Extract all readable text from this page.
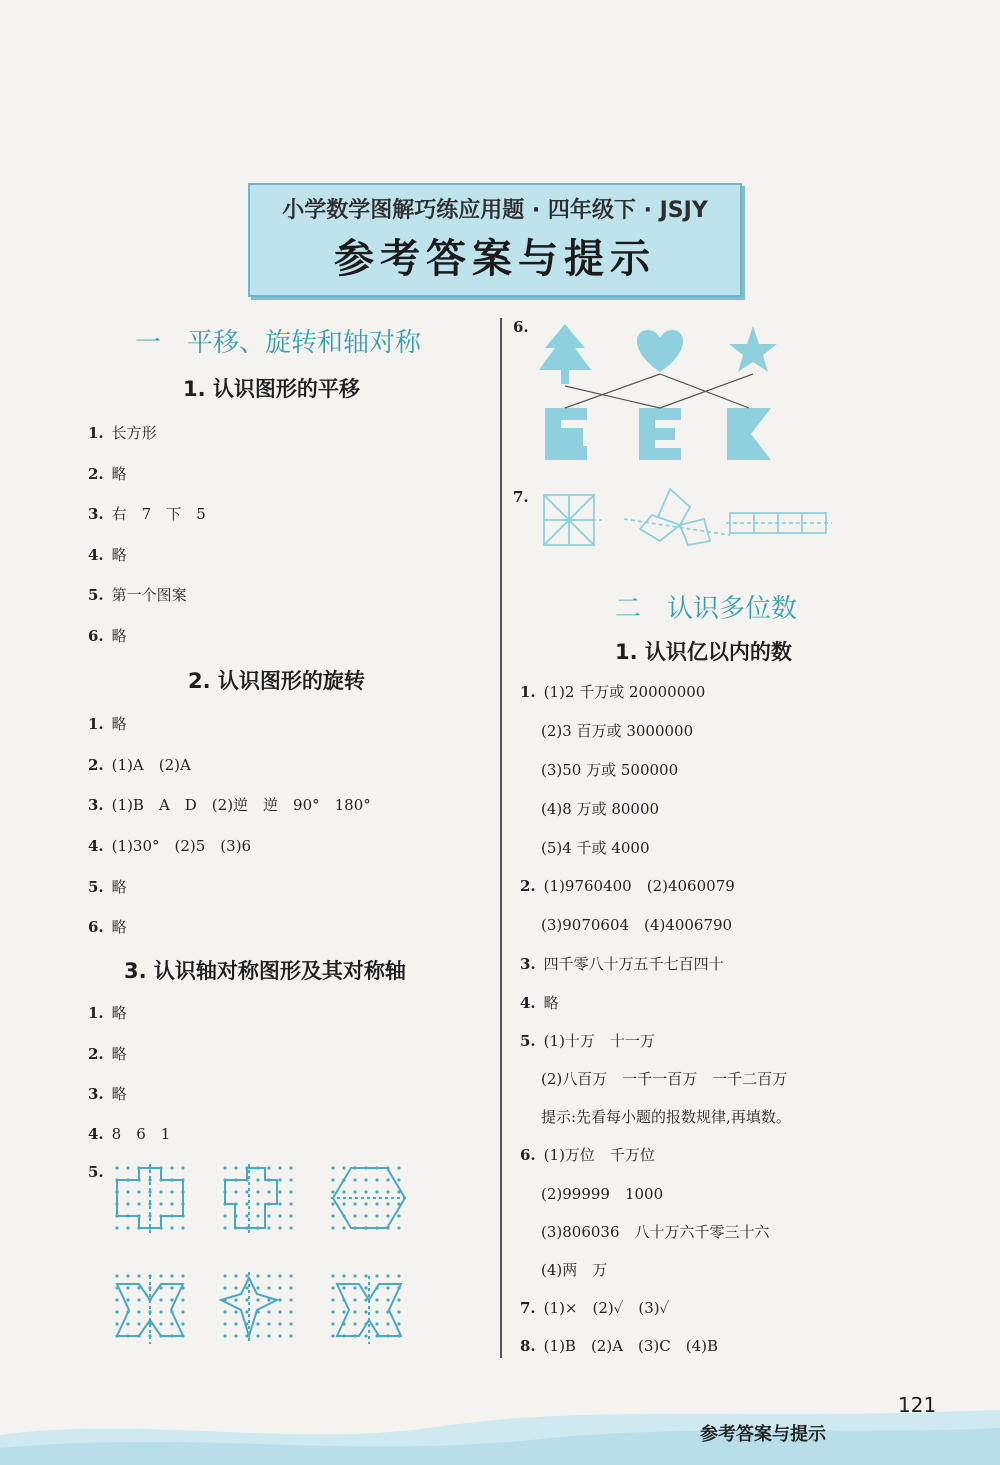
小学数学图解巧练应用题 · 四年级下 · JSJY
参考答案与提示
一　平移、旋转和轴对称
1. 认识图形的平移
1. 长方形
2. 略
3. 右　7　下　5
4. 略
5. 第一个图案
6. 略
2. 认识图形的旋转
1. 略
2. (1)A　(2)A
3. (1)B　A　D　(2)逆　逆　90°　180°
4. (1)30°　(2)5　(3)6
5. 略
6. 略
3. 认识轴对称图形及其对称轴
1. 略
2. 略
3. 略
4. 8　6　1
5.
6.
7.
二　认识多位数
1. 认识亿以内的数
1. (1)2 千万或 20000000
(2)3 百万或 3000000
(3)50 万或 500000
(4)8 万或 80000
(5)4 千或 4000
2. (1)9760400　(2)4060079
(3)9070604　(4)4006790
3. 四千零八十万五千七百四十
4. 略
5. (1)十万　十一万
(2)八百万　一千一百万　一千二百万
提示:先看每小题的报数规律,再填数。
6. (1)万位　千万位
(2)99999　1000
(3)806036　八十万六千零三十六
(4)两　万
7. (1)×　(2)✓　(3)✓
8. (1)B　(2)A　(3)C　(4)B
121
参考答案与提示
